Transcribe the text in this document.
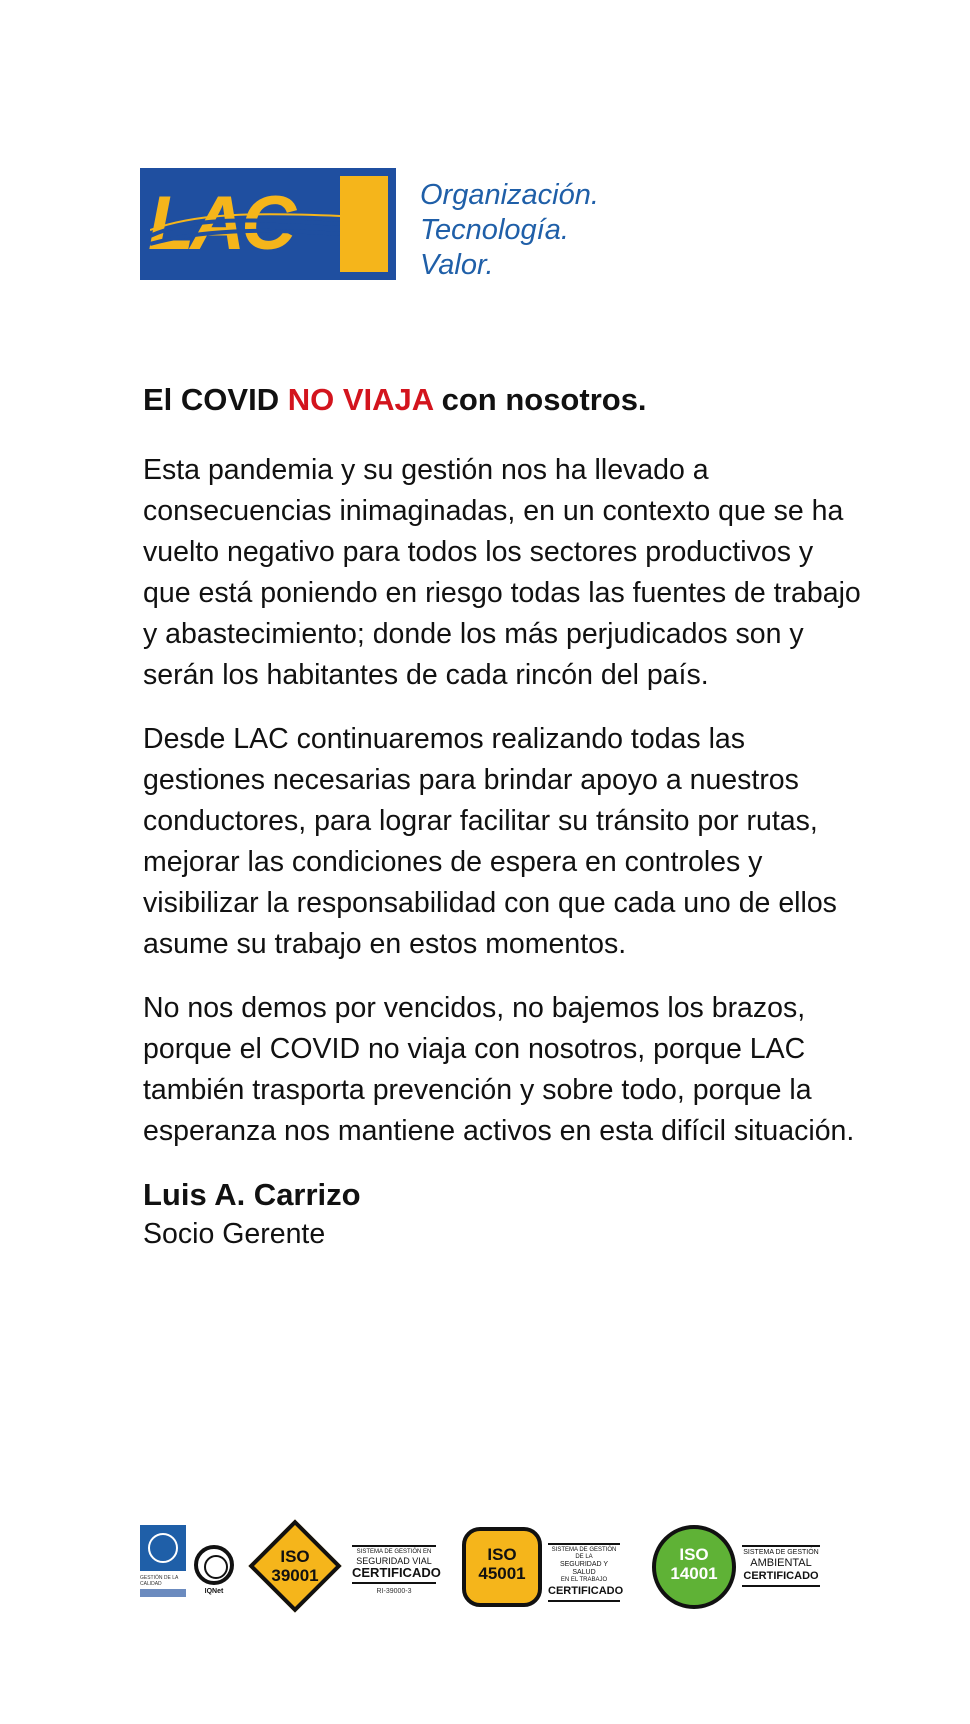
LAC	Organización.
Tecnología.
Valor.
El COVID NO VIAJA con nosotros.

Esta pandemia y su gestión nos ha llevado a consecuencias inimaginadas, en un contexto que se ha vuelto negativo para todos los sectores productivos y que está poniendo en riesgo todas las fuentes de trabajo y abastecimiento; donde los más perjudicados son y serán los habitantes de cada rincón del país.

Desde LAC continuaremos realizando todas las gestiones necesarias para brindar apoyo a nuestros conductores, para lograr facilitar su tránsito por rutas, mejorar las condiciones de espera en controles y visibilizar la responsabilidad con que cada uno de ellos asume su trabajo en estos momentos.

No nos demos por vencidos, no bajemos los brazos, porque el COVID no viaja con nosotros, porque LAC también trasporta prevención y sobre todo, porque la esperanza nos mantiene activos en esta difícil situación.

Luis A. Carrizo
Socio Gerente
GESTIÓN DE LA CALIDAD
IQNet
ISO
39001
SISTEMA DE GESTIÓN EN
SEGURIDAD VIAL
CERTIFICADO
RI-39000-3
ISO
45001
SISTEMA DE GESTIÓN DE LA
SEGURIDAD Y SALUD
EN EL TRABAJO
CERTIFICADO
ISO
14001
SISTEMA DE GESTIÓN
AMBIENTAL
CERTIFICADO
